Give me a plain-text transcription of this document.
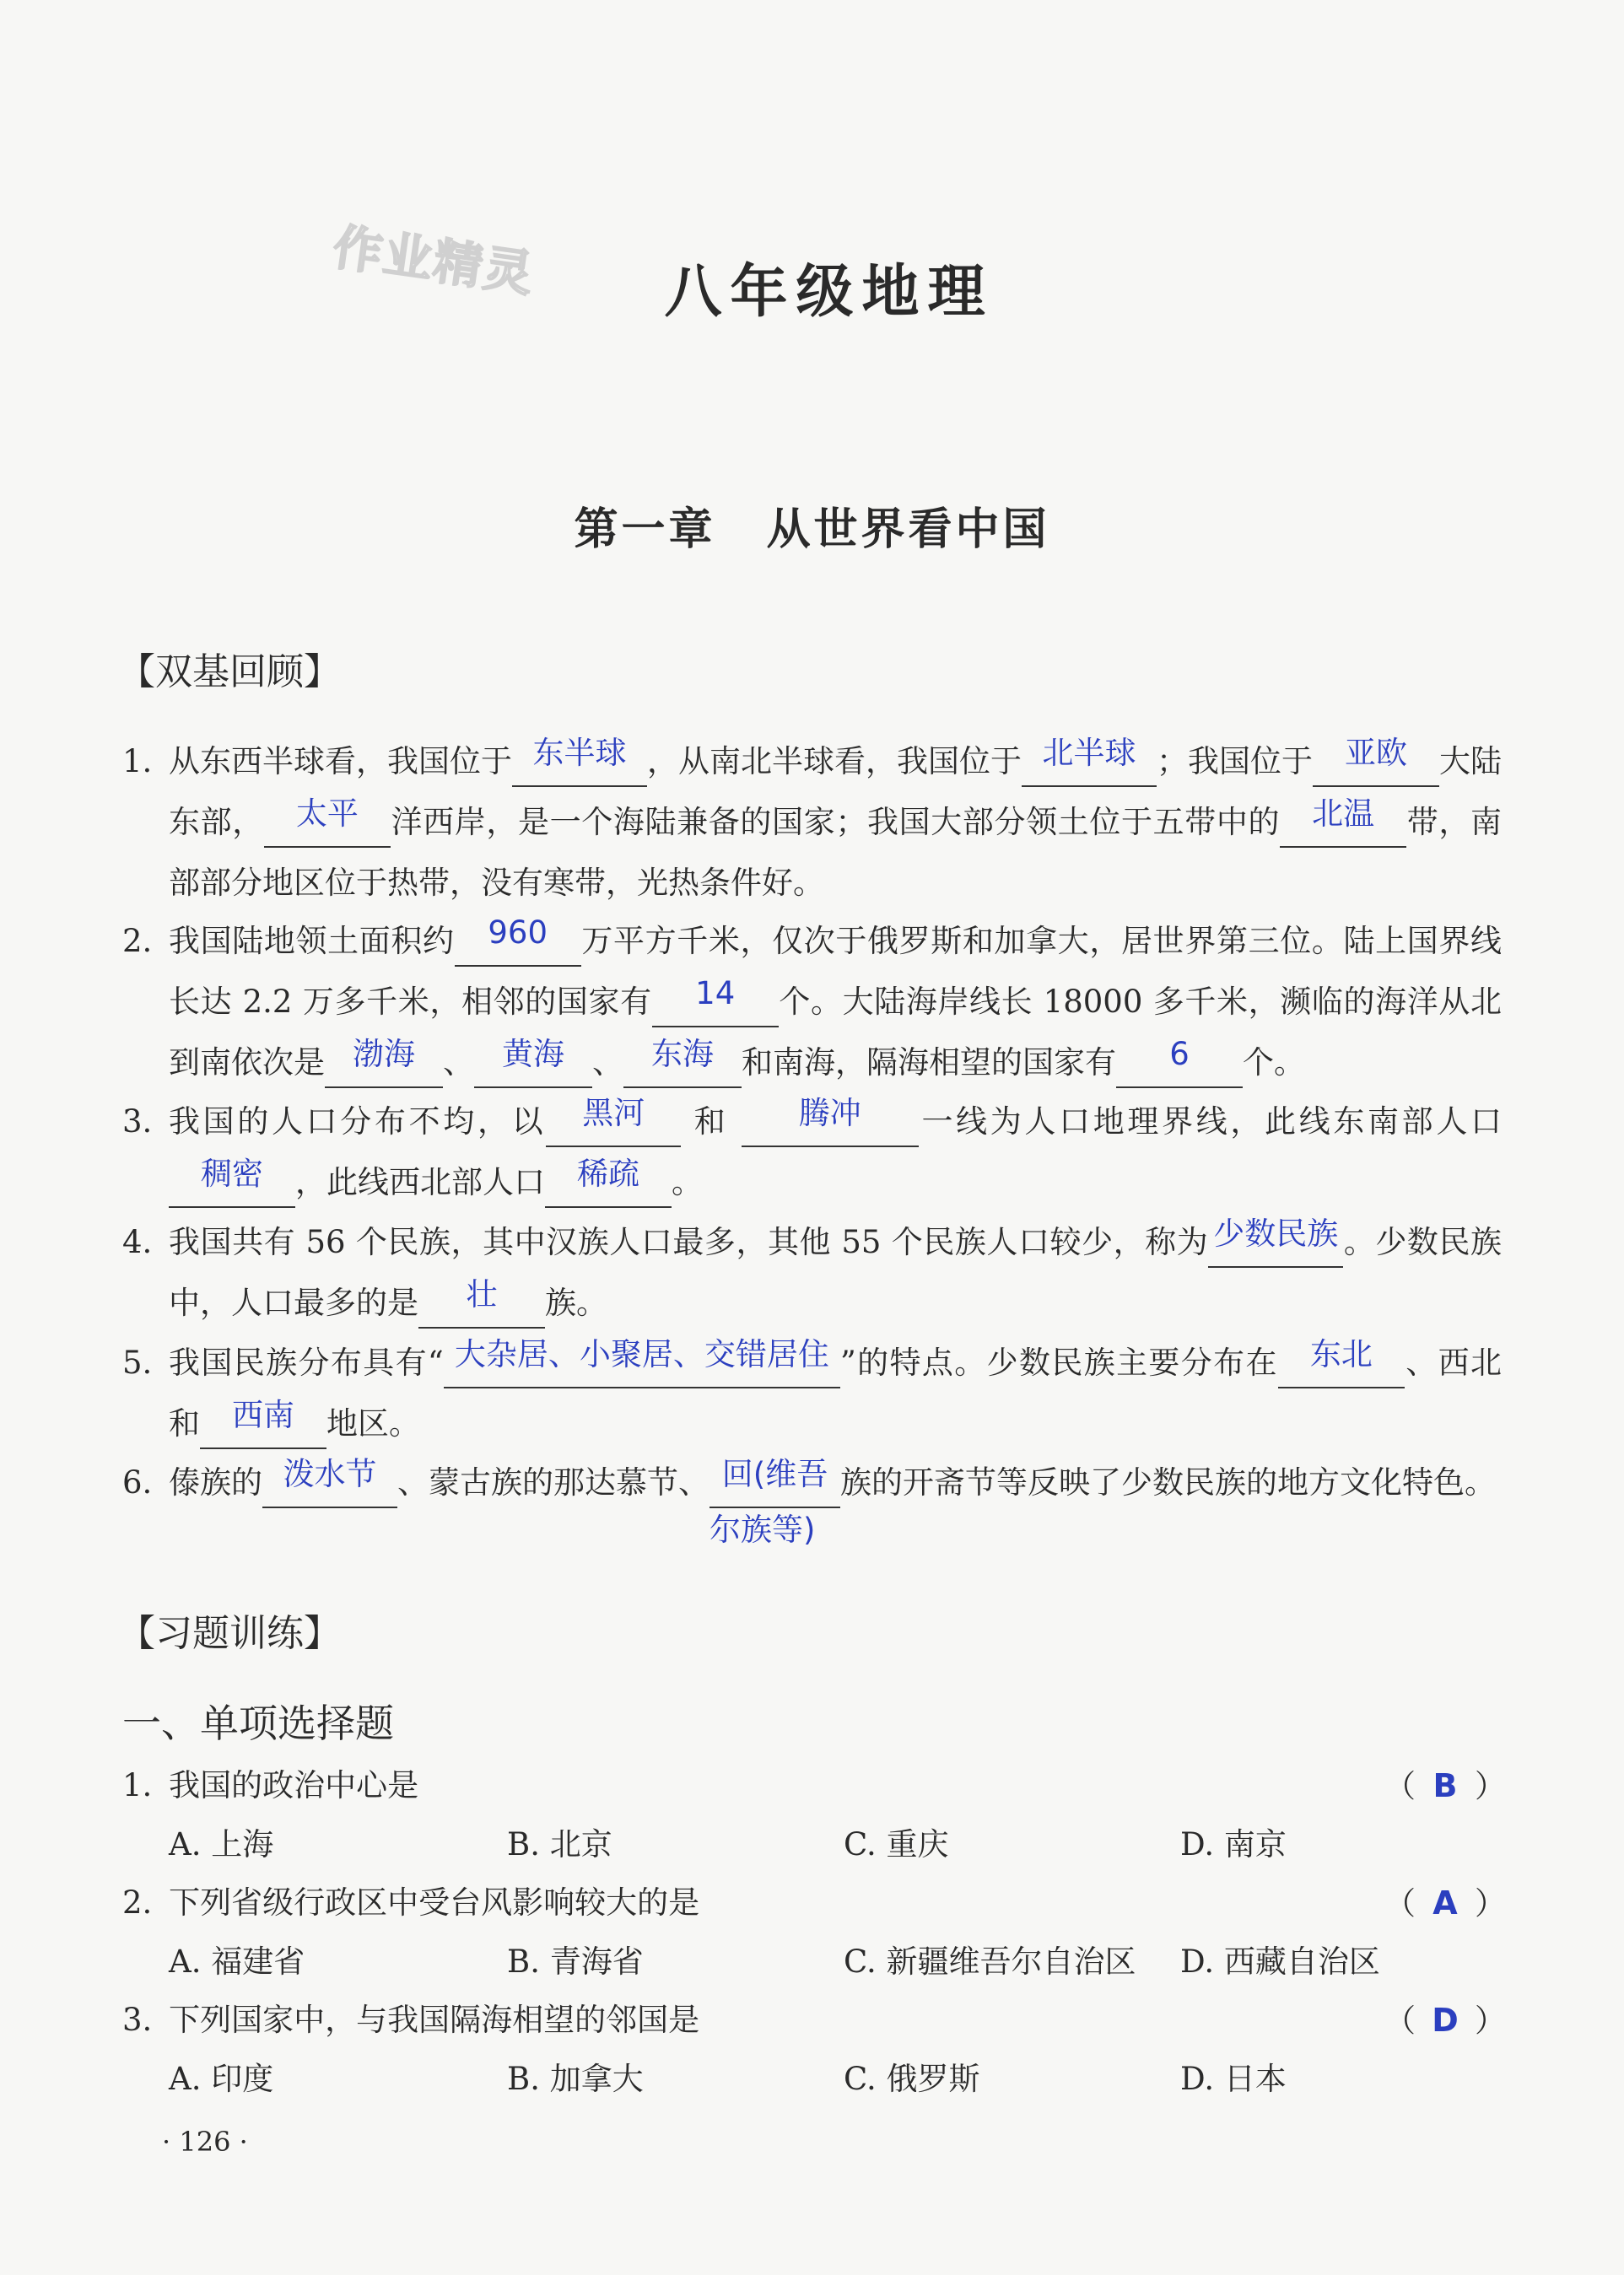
作业精灵	八年级地理
第一章 从世界看中国
【双基回顾】
1. 从东西半球看，我国位于 东半球 ，从南北半球看，我国位于 北半球 ；我国位于 亚欧 大陆东部， 太平 洋西岸，是一个海陆兼备的国家；我国大部分领土位于五带中的 北温 带，南部部分地区位于热带，没有寒带，光热条件好。
2. 我国陆地领土面积约 960 万平方千米，仅次于俄罗斯和加拿大，居世界第三位。陆上国界线长达 2.2 万多千米，相邻的国家有 14 个。大陆海岸线长 18000 多千米，濒临的海洋从北到南依次是 渤海 、 黄海 、 东海 和南海，隔海相望的国家有 6 个。
3. 我国的人口分布不均，以 黑河 和 腾冲 一线为人口地理界线，此线东南部人口稠密 ，此线西北部人口 稀疏 。
4. 我国共有 56 个民族，其中汉族人口最多，其他 55 个民族人口较少，称为 少数民族 。少数民族中，人口最多的是 壮 族。
5. 我国民族分布具有“ 大杂居、小聚居、交错居住 ”的特点。少数民族主要分布在 东北 、西北和 西南 地区。
6. 傣族的 泼水节 、蒙古族的那达慕节、 回(维吾
尔族等)
族的开斋节等反映了少数民族的地方文化特色。
【习题训练】
一、单项选择题
1. 我国的政治中心是	（ B ）
A. 上海	B. 北京	C. 重庆	D. 南京
2. 下列省级行政区中受台风影响较大的是	（ A ）
A. 福建省	B. 青海省	C. 新疆维吾尔自治区 D. 西藏自治区
3. 下列国家中，与我国隔海相望的邻国是	（ D ）
A. 印度	B. 加拿大	C. 俄罗斯	D. 日本
· 126 ·
